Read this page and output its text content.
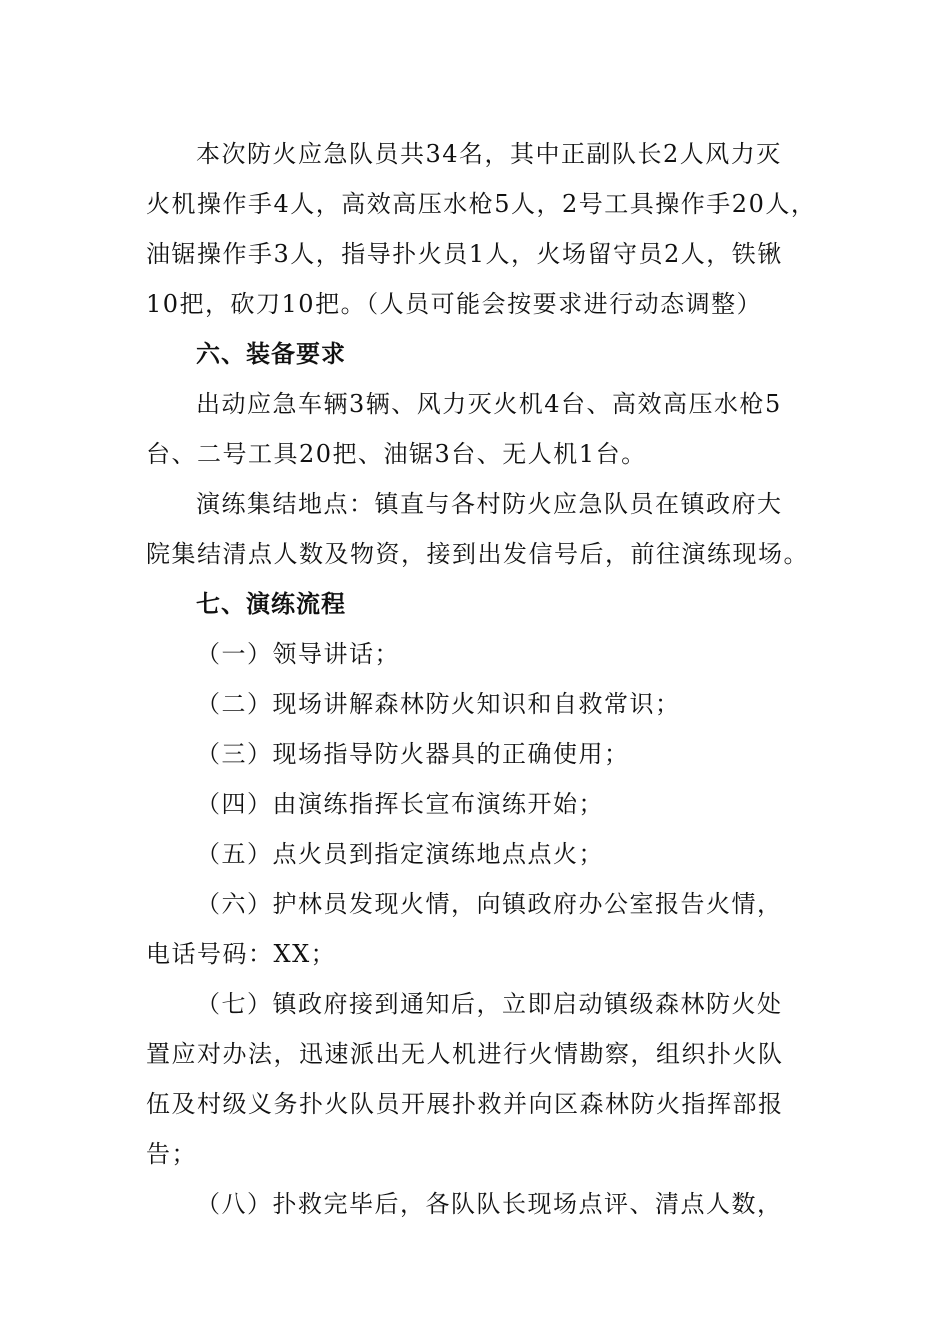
本次防火应急队员共34名，其中正副队长2人风力灭
火机操作手4人，高效高压水枪5人，2号工具操作手20人，
油锯操作手3人，指导扑火员1人，火场留守员2人，铁锹
10把，砍刀10把。（人员可能会按要求进行动态调整）
六、装备要求
出动应急车辆3辆、风力灭火机4台、高效高压水枪5
台、二号工具20把、油锯3台、无人机1台。
演练集结地点：镇直与各村防火应急队员在镇政府大
院集结清点人数及物资，接到出发信号后，前往演练现场。
七、演练流程
（一）领导讲话；
（二）现场讲解森林防火知识和自救常识；
（三）现场指导防火器具的正确使用；
（四）由演练指挥长宣布演练开始；
（五）点火员到指定演练地点点火；
（六）护林员发现火情，向镇政府办公室报告火情，
电话号码：XX；
（七）镇政府接到通知后，立即启动镇级森林防火处
置应对办法，迅速派出无人机进行火情勘察，组织扑火队
伍及村级义务扑火队员开展扑救并向区森林防火指挥部报
告；
（八）扑救完毕后，各队队长现场点评、清点人数，
